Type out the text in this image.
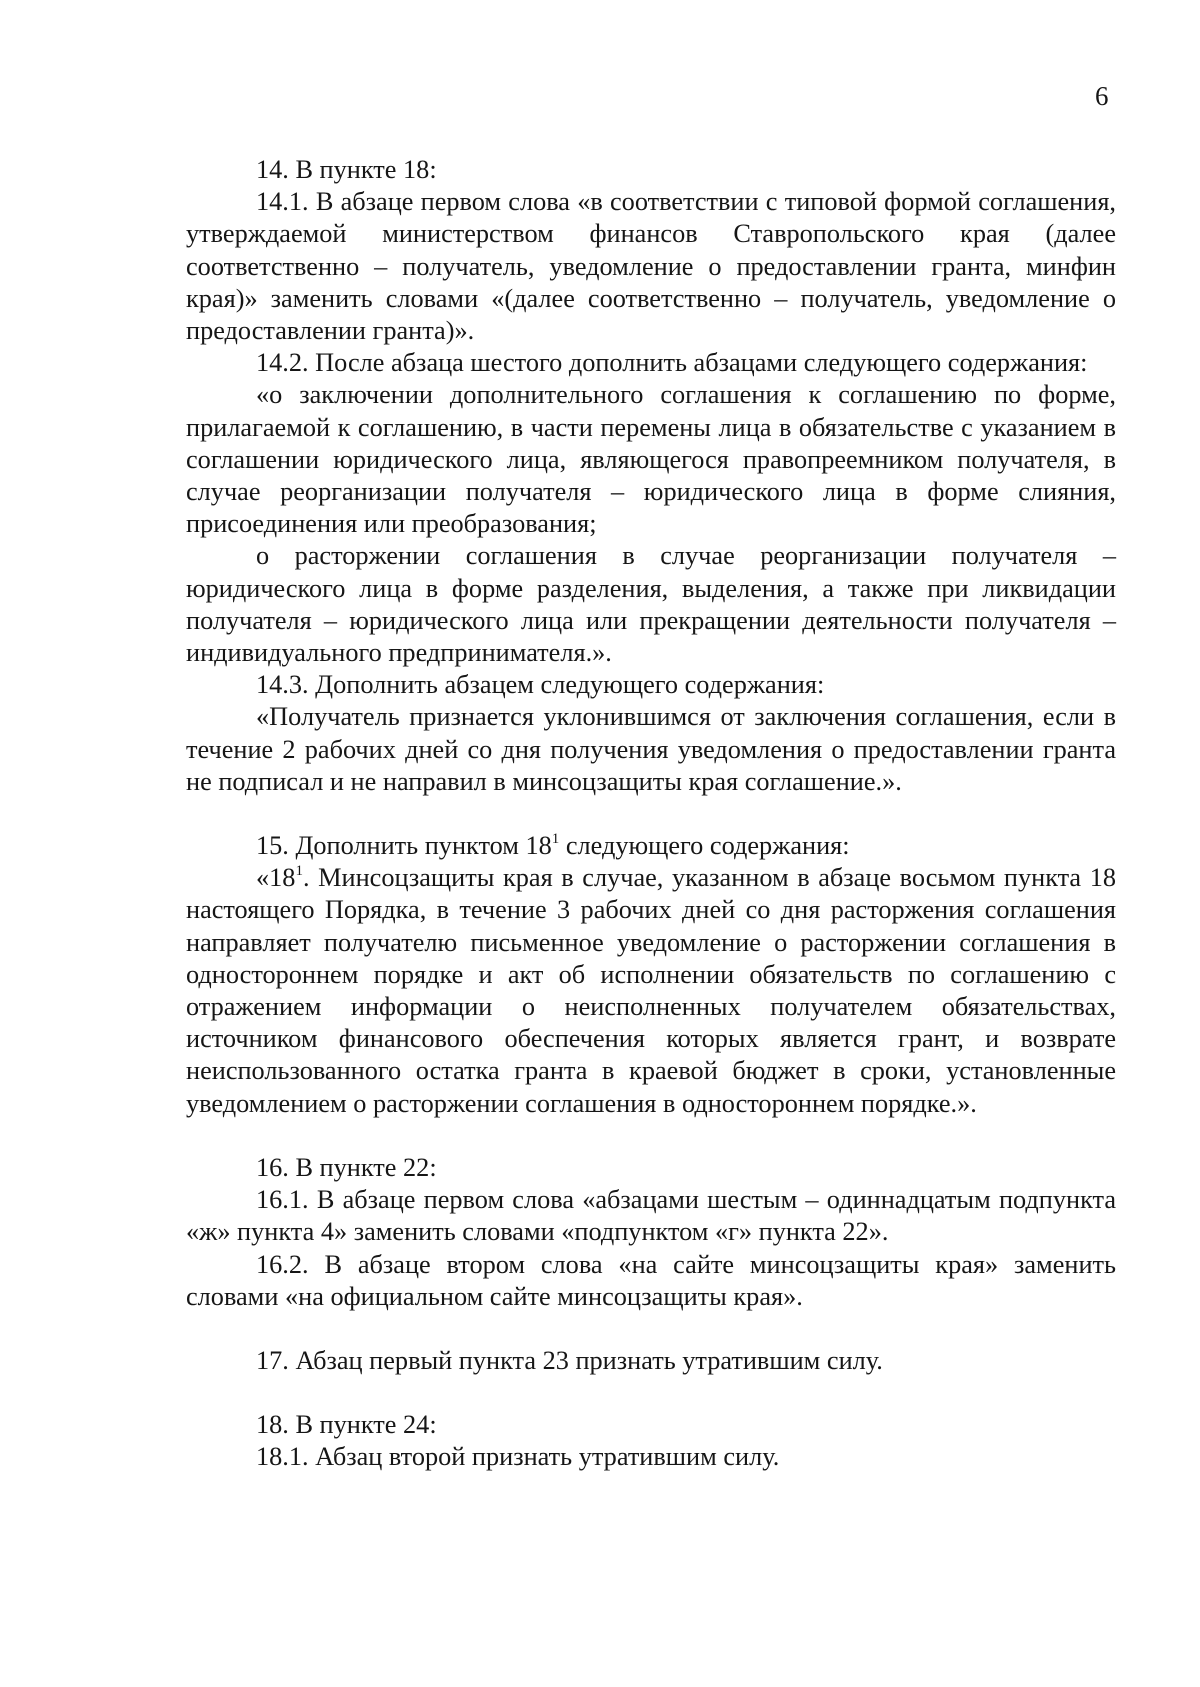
6

14. В пункте 18:

14.1. В абзаце первом слова «в соответствии с типовой формой соглашения, утверждаемой министерством финансов Ставропольского края (далее соответственно – получатель, уведомление о предоставлении гранта, минфин края)» заменить словами «(далее соответственно – получатель, уведомление о предоставлении гранта)».

14.2. После абзаца шестого дополнить абзацами следующего содержания:

«о заключении дополнительного соглашения к соглашению по форме, прилагаемой к соглашению, в части перемены лица в обязательстве с указанием в соглашении юридического лица, являющегося правопреемником получателя, в случае реорганизации получателя – юридического лица в форме слияния, присоединения или преобразования;

о расторжении соглашения в случае реорганизации получателя – юридического лица в форме разделения, выделения, а также при ликвидации получателя – юридического лица или прекращении деятельности получателя – индивидуального предпринимателя.».

14.3. Дополнить абзацем следующего содержания:

«Получатель признается уклонившимся от заключения соглашения, если в течение 2 рабочих дней со дня получения уведомления о предоставлении гранта не подписал и не направил в минсоцзащиты края соглашение.».

15. Дополнить пунктом $18^1$ следующего содержания:

«$18^1$. Минсоцзащиты края в случае, указанном в абзаце восьмом пункта 18 настоящего Порядка, в течение 3 рабочих дней со дня расторжения соглашения направляет получателю письменное уведомление о расторжении соглашения в одностороннем порядке и акт об исполнении обязательств по соглашению с отражением информации о неисполненных получателем обязательствах, источником финансового обеспечения которых является грант, и возврате неиспользованного остатка гранта в краевой бюджет в сроки, установленные уведомлением о расторжении соглашения в одностороннем порядке.».

16. В пункте 22:

16.1. В абзаце первом слова «абзацами шестым – одиннадцатым подпункта «ж» пункта 4» заменить словами «подпунктом «г» пункта 22».

16.2. В абзаце втором слова «на сайте минсоцзащиты края» заменить словами «на официальном сайте минсоцзащиты края».

17. Абзац первый пункта 23 признать утратившим силу.

18. В пункте 24:

18.1. Абзац второй признать утратившим силу.
